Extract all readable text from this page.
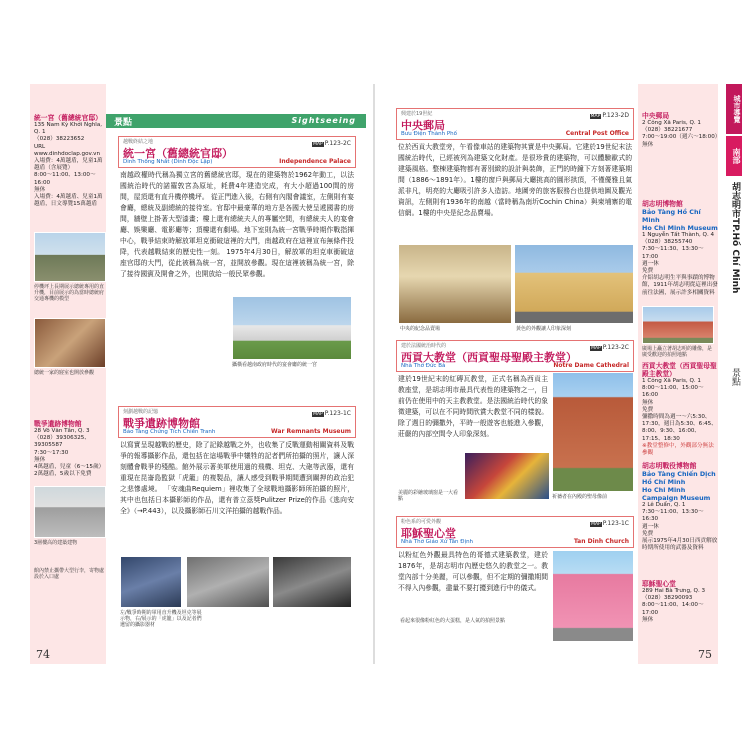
74	75
統一宮（舊總統官邸）
135 Nam Kỳ Khởi Nghĩa, Q. 1
（028）38223652
URL www.dinhdoclap.gov.vn
入場費：4萬越盾，兒童1萬越盾（含展覽）
8:00～11:00、13:00～16:00
無休
入場費：4萬越盾、兒童1萬越盾，日文導覽15萬越盾
停機坪上長期展示總統專用的直升機，目前展示的為當時總統府交通專機的模型
總統一家的寢室也開放參觀
戰爭遺跡博物館
28 Võ Văn Tần, Q. 3
（028）39306325、39305587
7:30～17:30
無休
4萬越盾，兒童（6～15歲）2萬越盾，5歲以下免費
3層樓高的建築建物
館內禁止攜帶大型行李，寄物處設於入口處
景點	Sightseeing
越戰終結之地
統一宮（舊總統官邸）
Dinh Thống Nhất (Dinh Độc Lập)	Independence Palace
MAP P.123-2C
南越政權時代稱為獨立宮的舊總統官邸，現在的建築物於1962年動工，以法國統治時代的諾羅敦宮為原址，耗費4年建造完成，有大小超過100間的房間，屋頂還有直升機停機坪。 從正門進入後，右側有內閣會議室，左側則有宴會廳，總統及副總統的接待室。官邸中最豪華的地方是各國大使呈遞國書的房間，牆壁上掛著大型漆畫；樓上還有總統夫人的專屬空間，有總統夫人的宴會廳、娛樂廳、電影廳等；頂樓還有劇場。地下室則為統一宮戰爭時期作戰指揮中心，戰爭結束時解放軍坦克衝破這裡的大門，南越政府在這裡宣布無條件投降，代表越戰結束的歷史性一刻。 1975年4月30日，解放軍的坦克車衝破這座官邸的大門，從此被稱為統一宮，並開放參觀。現在這裡被稱為統一宮，除了接待國賓及開會之外，也開放給一般民眾參觀。
攝橫看越南政府時代的宴會廳的統一宮
刻劃越戰的記憶
戰爭遺跡博物館
Bảo Tàng Chứng Tích Chiến Tranh	War Remnants Museum
MAP P.123-1C
以寫實呈現越戰的歷史，除了記錄越戰之外，也收集了反戰運動相關資料及戰爭的報導攝影作品，還包括在這場戰爭中犧牲的記者們所拍攝的照片，讓人深刻體會戰爭的殘酷。館外展示著美軍使用過的飛機、坦克、大砲等武器，還有重現在昆崙島監獄「虎籠」的複製品，讓人感受到戰爭期間遭到關押的政治犯之悲慘處境。 「安魂曲Requiem」裡收集了全球戰地攝影師所拍攝的照片，其中也包括日本攝影師的作品，還有普立茲獎Pulitzer Prize的作品《逃向安全》（→P.443），以及攝影師石川文洋拍攝的越戰作品。
左/戰爭時期的軍用直升機及坦克等展示物，右/展示的「虎籠」以及記者們遺留的攝影器材
興建於19世紀
中央郵局
Bưu Điện Thành Phố	Central Post Office
MAP P.123-2D
位於西貢大教堂旁，午看像車站的建築物其實是中央郵局。它建於19世紀末法國統治時代，已經被列為建築文化財產。是很珍貴的建築物，可以體驗歐式的建築風格。整棟建築物都有著別緻的設計與裝飾，正門的時鐘下方刻著建築期間（1886～1891年）。1樓的窗戶與郵局大廳挑高的圓形拱頂，不僅優雅且氣派非凡，明亮的大廳吸引許多人造訪。地圖旁的旅客服務台也提供地圖及觀光資訊，左側則有1936年的南越（當時稱為南圻Cochin China）與柬埔寨的電信網。1樓的中央是紀念品賣場。
中央的紀念品賣場	黃色的外觀讓人印象深刻
建於法國統治時代的
西貢大教堂（西貢聖母聖殿主教堂）
Nhà Thờ Đức Bà	Notre Dame Cathedral
MAP P.123-2C
建於19世紀末的紅磚瓦教堂，正式名稱為西貢主教座堂，是胡志明市最具代表性的建築物之一，目前仍在使用中的天主教教堂。是法國統治時代的象徵建築，可以在不同時間欣賞大教堂不同的樣貌。除了週日的彌撒外，平時一般遊客也能進入參觀，莊嚴的內部空間令人印象深刻。
祈禱者在內殿的聖母像前
美麗的彩繪玻璃窗是一大看點
粉色系的可愛外觀
耶穌聖心堂
Nhà Thờ Giáo Xứ Tân Định	Tan Dinh Church
MAP P.123-1C
以粉紅色外觀最具特色的哥德式建築教堂，建於1876年，是胡志明市內歷史悠久的教堂之一。教堂內部十分美麗，可以參觀，但不定期的彌撒期間不得入內參觀，盡量不要打擾到進行中的儀式。
看起來很像粉紅色的大蛋糕，是人氣的拍照景點
中央郵局
2 Công Xã Paris, Q. 1
（028）38221677
7:00～19:00（週六～18:00）
無休
胡志明博物館
Bảo Tàng Hồ Chí Minh
Ho Chi Minh Museum
1 Nguyễn Tất Thành, Q. 4
（028）38255740
7:30～11:30、13:30～17:00
週一休
免費
介紹胡志明生平與事蹟的博物館，1911年胡志明從這裡出發前往法國，展示許多相關資料
廣場上矗立著胡志明的雕像，是廣受歡迎的拍照地點
西貢大教堂（西貢聖母聖殿主教堂）
1 Công Xã Paris, Q. 1
8:00～11:00、15:00～16:00
無休
免費
彌撒時間為週一～六5:30、17:30，週日為5:30、6:45、8:00、9:30、16:00、17:15、18:30
※教堂整修中，外觀部分無法參觀
胡志明戰役博物館
Bảo Tàng Chiến Dịch Hồ Chí Minh
Ho Chi Minh Campaign Museum
2 Lê Duẩn, Q. 1
7:30～11:00、13:30～16:30
週一休
免費
展示1975年4月30日西貢解放時期所使用的武器及資料
耶穌聖心堂
289 Hai Bà Trưng, Q. 3
（028）38290093
8:00～11:00、14:00～17:00
無休
城市導覽
南部
胡志明市TP.Hồ Chí Minh
景點
